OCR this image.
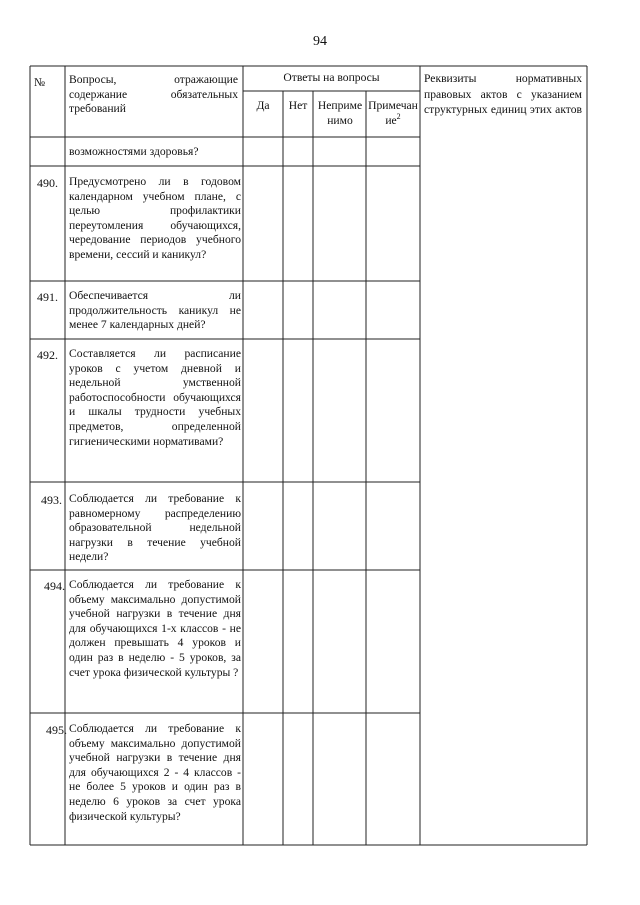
94
№ Вопросы, отражающие содержание обязательных требований
Ответы на вопросы
Да	Нет Неприменимо
Примечание$^2$
Реквизиты нормативных правовых актов с указанием структурных единиц этих актов
возможностями здоровья?
490. Предусмотрено ли в годовом календарном учебном плане, с целью профилактики переутомления обучающихся, чередование периодов учебного времени, сессий и каникул?
491. Обеспечивается ли продолжительность каникул не менее 7 календарных дней?
492. Составляется ли расписание уроков с учетом дневной и недельной умственной работоспособности обучающихся и шкалы трудности учебных предметов, определенной гигиеническими нормативами?
493. Соблюдается ли требование к равномерному распределению образовательной недельной нагрузки в течение учебной недели?
494. Соблюдается ли требование к объему максимально допустимой учебной нагрузки в течение дня для обучающихся 1-х классов - не должен превышать 4 уроков и один раз в неделю - 5 уроков, за счет урока физической культуры ?
495. Соблюдается ли требование к объему максимально допустимой учебной нагрузки в течение дня для обучающихся 2 - 4 классов - не более 5 уроков и один раз в неделю 6 уроков за счет урока физической культуры?
